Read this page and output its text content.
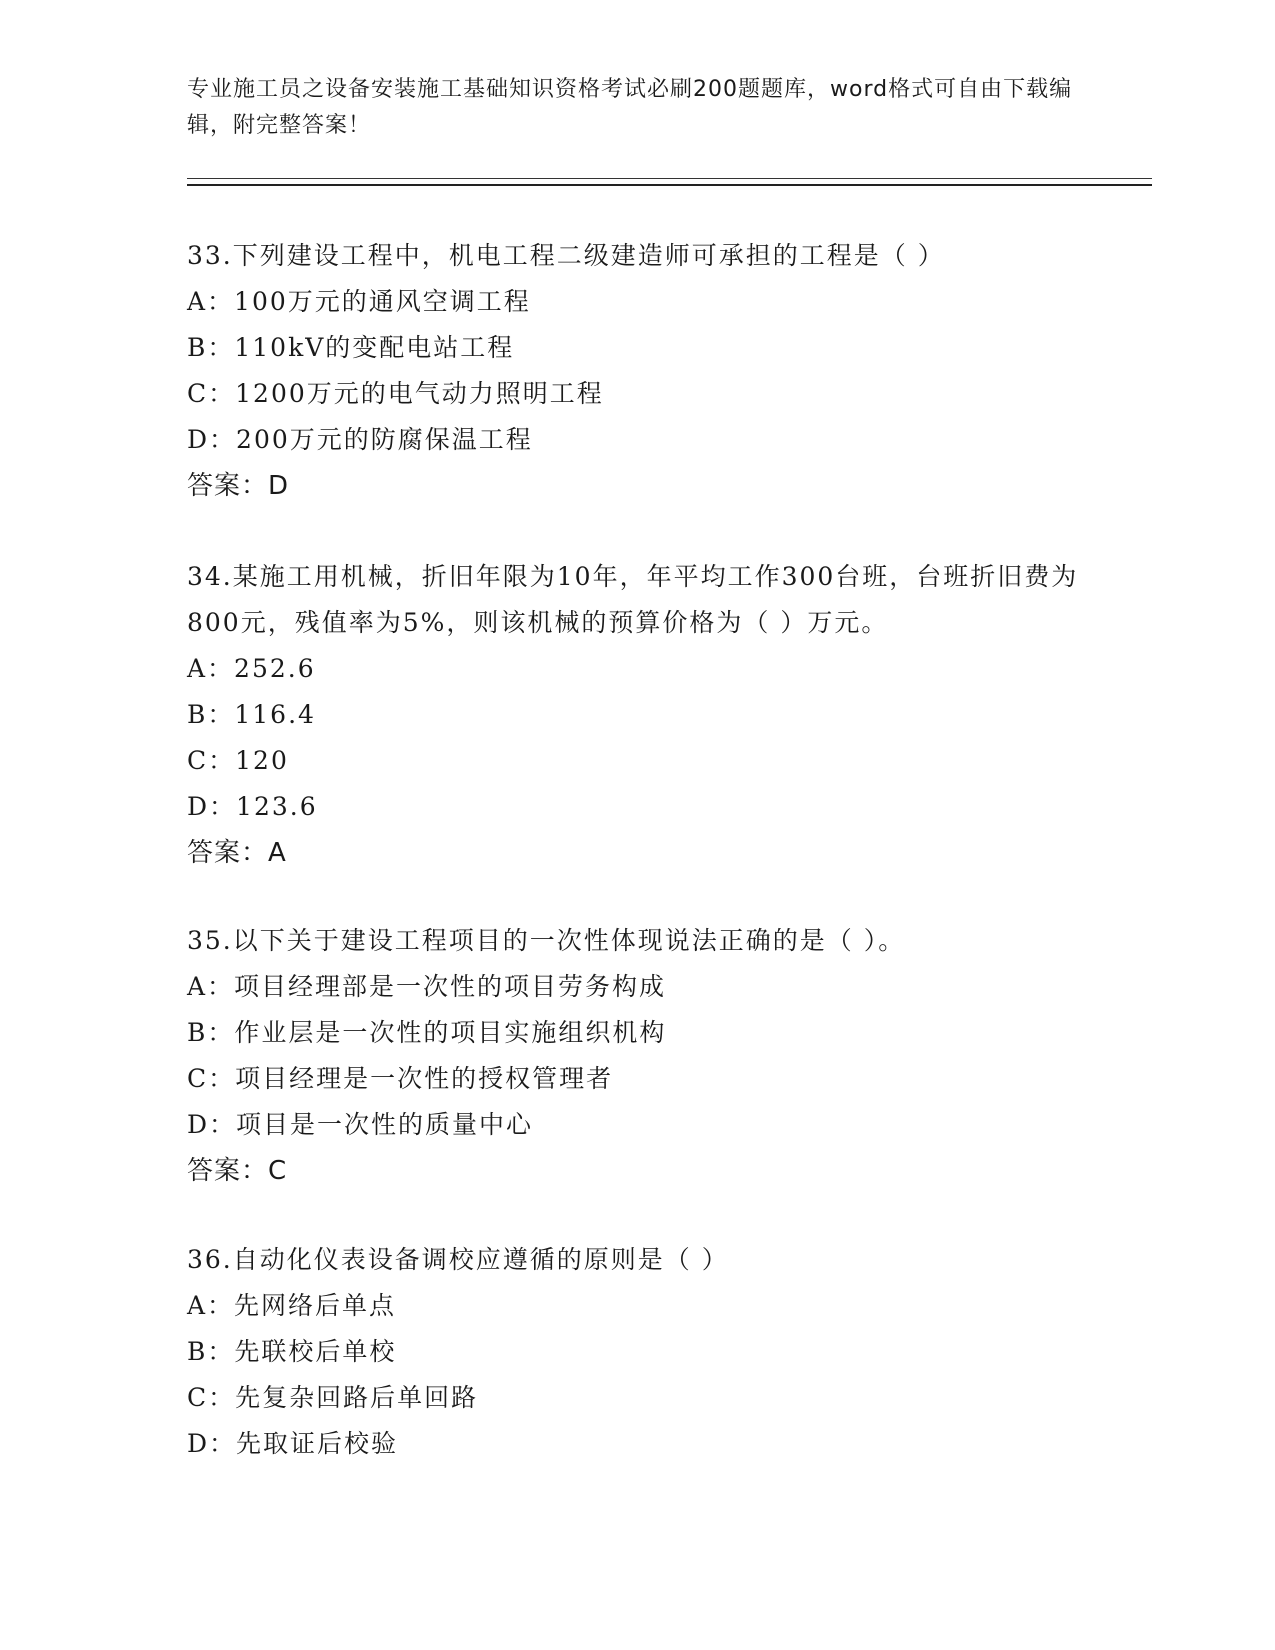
专业施工员之设备安装施工基础知识资格考试必刷200题题库，word格式可自由下载编辑，附完整答案！

33.下列建设工程中，机电工程二级建造师可承担的工程是（ ）

A：100万元的通风空调工程
B：110kV的变配电站工程
C：1200万元的电气动力照明工程
D：200万元的防腐保温工程
答案：D

34.某施工用机械，折旧年限为10年，年平均工作300台班，台班折旧费为800元，残值率为5%，则该机械的预算价格为（ ）万元。

A：252.6
B：116.4
C：120
D：123.6
答案：A

35.以下关于建设工程项目的一次性体现说法正确的是（ ）。

A：项目经理部是一次性的项目劳务构成
B：作业层是一次性的项目实施组织机构
C：项目经理是一次性的授权管理者
D：项目是一次性的质量中心
答案：C

36.自动化仪表设备调校应遵循的原则是（ ）

A：先网络后单点
B：先联校后单校
C：先复杂回路后单回路
D：先取证后校验
